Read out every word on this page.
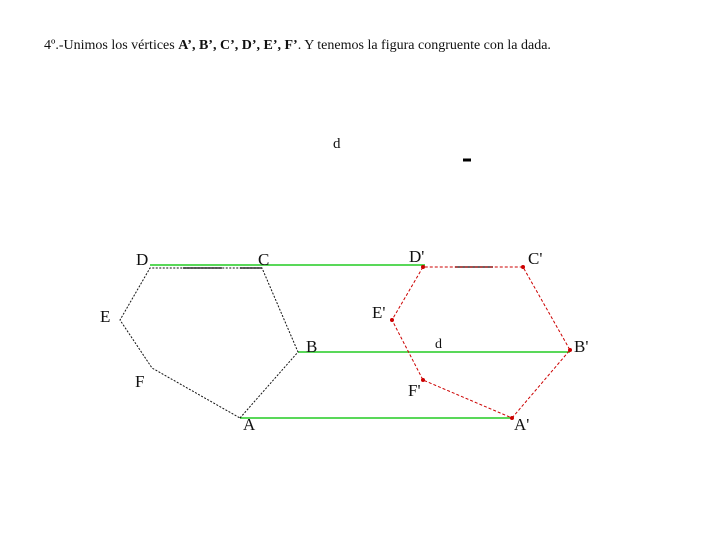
4º.-Unimos los vértices A’, B’, C’, D’, E’, F’. Y tenemos la figura congruente con la dada.
d
d
D	C
E
B
F
A
D'	C'
E'
B'
F'
A'
